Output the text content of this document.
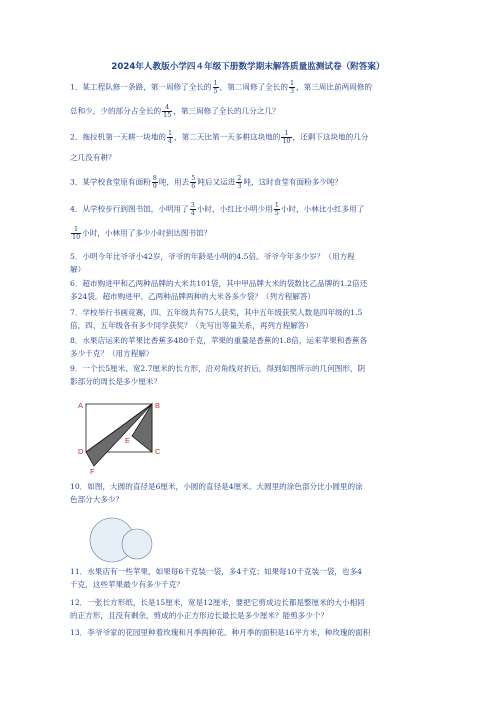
2024年人教版小学四４年级下册数学期末解答质量监测试卷（附答案）
1．某工程队修一条路，第一周修了全长的 $\frac{1}{5}$ ，第二周修了全长的 $\frac{1}{3}$ ，第三周比前两周修的
总和少，少的部分占全长的 $\frac{4}{15}$ ，第三周修了全长的几分之几？
2．拖拉机第一天耕一块地的 $\frac{1}{4}$ ，第二天比第一天多耕这块地的 $\frac{1}{10}$ ，还剩下这块地的几分
之几没有耕？
3．某学校食堂原有面粉 $\frac{8}{9}$ 吨，用去 $\frac{5}{6}$ 吨后又运进 $\frac{2}{3}$ 吨，这时食堂有面粉多少吨？
4．从学校步行到图书馆，小明用了 $\frac{3}{4}$ 小时，小红比小明少用 $\frac{1}{5}$ 小时，小林比小红多用了
$\frac{1}{10}$ 小时，小林用了多少小时到达图书馆？
5．小明今年比爷爷小42岁，爷爷的年龄是小明的4.5倍。爷爷今年多少岁？（用方程
解）
6．超市购进甲和乙两种品牌的大米共101袋，其中甲品牌大米的袋数比乙品牌的1.2倍还
多24袋。超市购进甲、乙两种品牌两种的大米各多少袋？（列方程解答）
7．学校举行书画竞赛，四、五年级共有75人获奖，其中五年级获奖人数是四年级的1.5
倍，四、五年级各有多少同学获奖？（先写出等量关系，再列方程解答）
8．水果店运来的苹果比香蕉多480千克，苹果的重量是香蕉的1.8倍，运来苹果和香蕉各
多少千克？（用方程解）
9．一个长5厘米、宽2.7厘米的长方形，沿对角线对折后，得到如图所示的几何图形，阴
影部分的周长是多少厘米？
A	B
C
D
E
F
10．如图，大圆的直径是6厘米，小圆的直径是4厘米。大圆里的涂色部分比小圆里的涂
色部分大多少？
11．水果店有一些苹果，如果每6千克装一袋，多4千克；如果每10千克装一袋，也多4
千克，这些苹果最少有多少千克？
12．一张长方形纸，长是15厘米，宽是12厘米，要把它剪成边长都是整厘米的大小相同
的正方形，且没有剩余，剪成的小正方形边长最长是多少厘米？能剪多少个？
13．李爷爷家的花园里种着玫瑰和月季两种花。种月季的面积是16平方米，种玫瑰的面积
